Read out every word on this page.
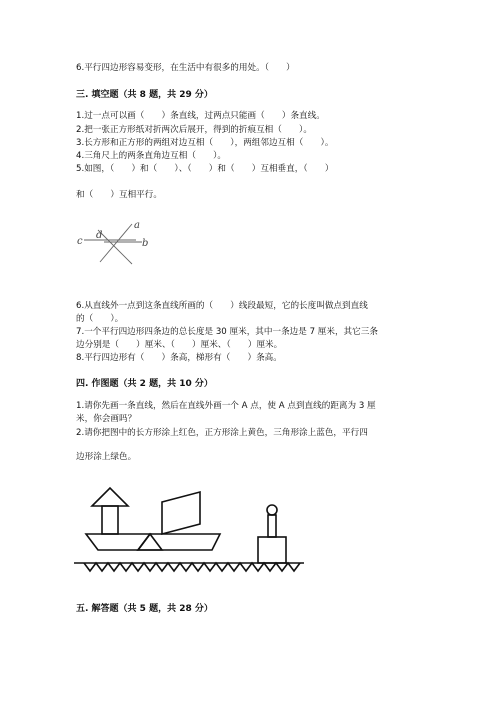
6.平行四边形容易变形，在生活中有很多的用处。（　　）
三. 填空题（共 8 题，共 29 分）
1.过一点可以画（　　）条直线，过两点只能画（　　）条直线。
2.把一张正方形纸对折两次后展开，得到的折痕互相（　　）。
3.长方形和正方形的两组对边互相（　　），两组邻边互相（　　）。
4.三角尺上的两条直角边互相（　　）。
5.如图，（　　）和（　　）、（　　）和（　　）互相垂直，（　　）
和（　　）互相平行。
a
b
c
d
6.从直线外一点到这条直线所画的（　　）线段最短，它的长度叫做点到直线
的（　　）。
7.一个平行四边形四条边的总长度是 30 厘米，其中一条边是 7 厘米，其它三条
边分别是（　　）厘米、（　　）厘米、（　　）厘米。
8.平行四边形有（　　）条高，梯形有（　　）条高。
四. 作图题（共 2 题，共 10 分）
1.请你先画一条直线，然后在直线外画一个 A 点，使 A 点到直线的距离为 3 厘
米，你会画吗？
2.请你把图中的长方形涂上红色，正方形涂上黄色，三角形涂上蓝色，平行四
边形涂上绿色。
五. 解答题（共 5 题，共 28 分）
